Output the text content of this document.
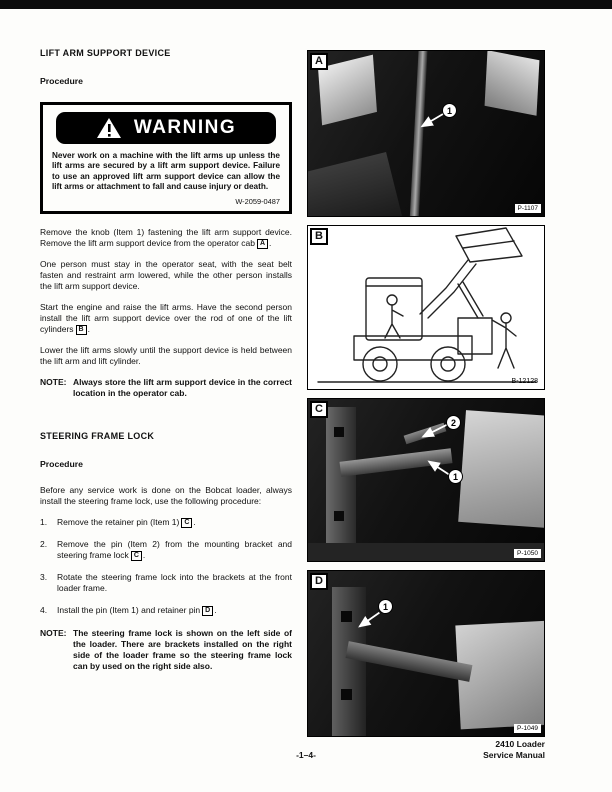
LIFT ARM SUPPORT DEVICE
Procedure
WARNING
Never work on a machine with the lift arms up unless the lift arms are secured by a lift arm support device. Failure to use an approved lift arm support device can allow the lift arms or attachment to fall and cause injury or death.
W-2059-0487

Remove the knob (Item 1) fastening the lift arm support device. Remove the lift arm support device from the operator cab A .

One person must stay in the operator seat, with the seat belt fasten and restraint arm lowered, while the other person installs the lift arm support device.

Start the engine and raise the lift arms. Have the second person install the lift arm support device over the rod of one of the lift cylinders B .

Lower the lift arms slowly until the support device is held between the lift arm and lift cylinder.

NOTE: Always store the lift arm support device in the correct location in the operator cab.
STEERING FRAME LOCK
Procedure

Before any service work is done on the Bobcat loader, always install the steering frame lock, use the following procedure:

1.	Remove the retainer pin (Item 1) C .
2.	Remove the pin (Item 2) from the mounting bracket and steering frame lock C .
3.	Rotate the steering frame lock into the brackets at the front loader frame.
4.	Install the pin (Item 1) and retainer pin D .
NOTE: The steering frame lock is shown on the left side of the loader. There are brackets installed on the right side of the loader frame so the steering frame lock can by used on the right side also.
1
A
P-1107
B
B-12128
2
1
C
P-1050
1
D
P-1049
-1–4-
2410 Loader
Service Manual
